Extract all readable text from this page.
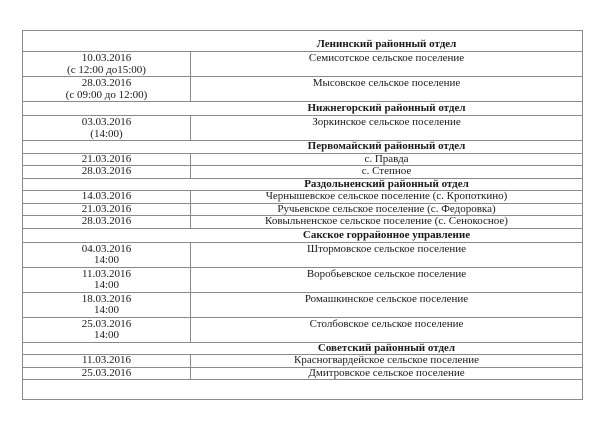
Ленинский районный отдел	

10.03.2016
(с 12:00 до15:00)	Семисотское сельское поселение

28.03.2016
(с 09:00 до 12:00)	Мысовское сельское поселение
Нижнегорский районный отдел	

03.03.2016
(14:00)	Зоркинское сельское поселение
Первомайский районный отдел	

21.03.2016	с. Правда

28.03.2016	с. Степное
Раздольненский районный отдел	

14.03.2016	Чернышевское сельское поселение (с. Кропоткино)

21.03.2016	Ручьевское сельское поселение (с. Федоровка)

28.03.2016	Ковыльненское сельское поселение (с. Сенокосное)
Сакское горрайонное управление	

04.03.2016
14:00	Штормовское сельское поселение

11.03.2016
14:00	Воробьевское сельское поселение

18.03.2016
14:00	Ромашкинское сельское поселение

25.03.2016
14:00	Столбовское сельское поселение
Советский районный отдел	

11.03.2016	Красногвардейское сельское поселение

25.03.2016	Дмитровское сельское поселение
